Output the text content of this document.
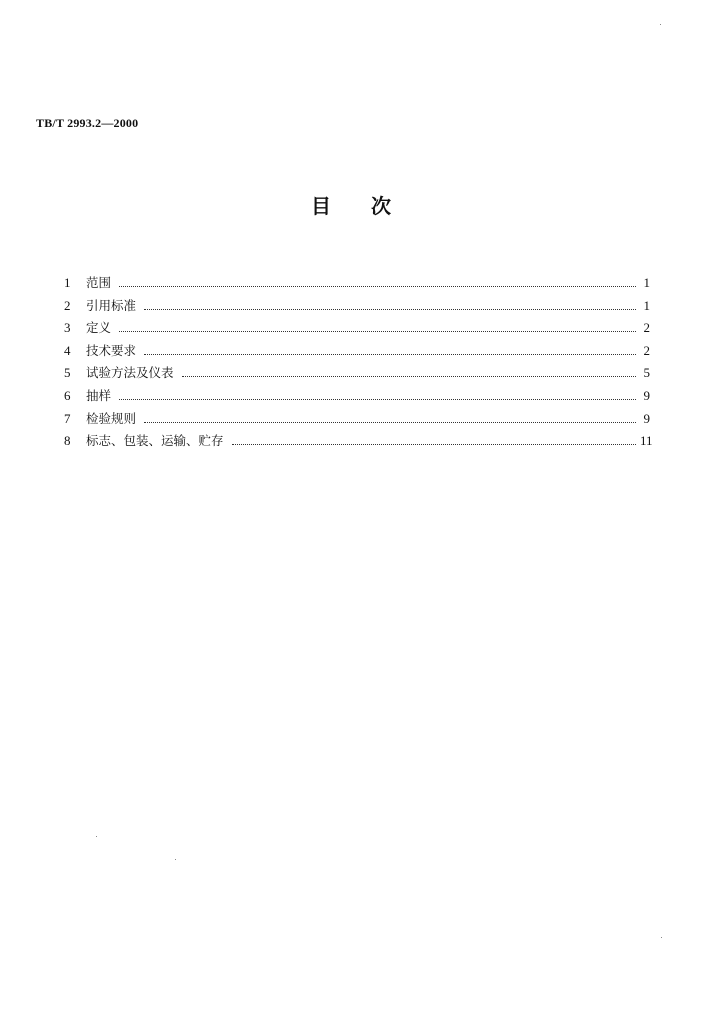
TB/T 2993.2—2000
目次
1	范围	1
2	引用标准	1
3	定义	2
4	技术要求	2
5	试验方法及仪表	5
6	抽样	9
7	检验规则	9
8	标志、包装、运输、贮存	11
